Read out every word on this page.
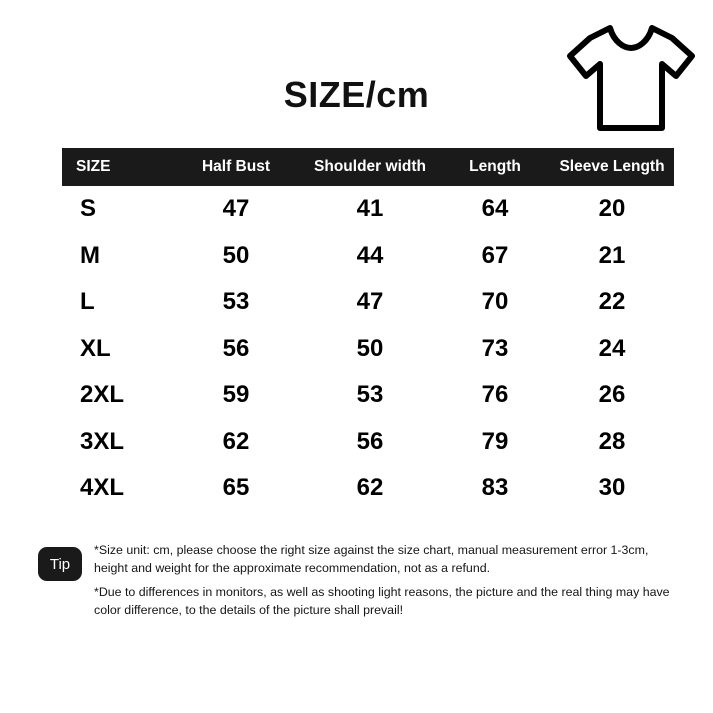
SIZE/cm
SIZE	Half Bust	Shoulder width	Length	Sleeve Length
S	47	41	64	20
M	50	44	67	21
L	53	47	70	22
XL	56	50	73	24
2XL	59	53	76	26
3XL	62	56	79	28
4XL	65	62	83	30
Tip

*Size unit: cm, please choose the right size against the size chart, manual measurement error 1-3cm, height and weight for the approximate recommendation, not as a refund.

*Due to differences in monitors, as well as shooting light reasons, the picture and the real thing may have color difference, to the details of the picture shall prevail!
